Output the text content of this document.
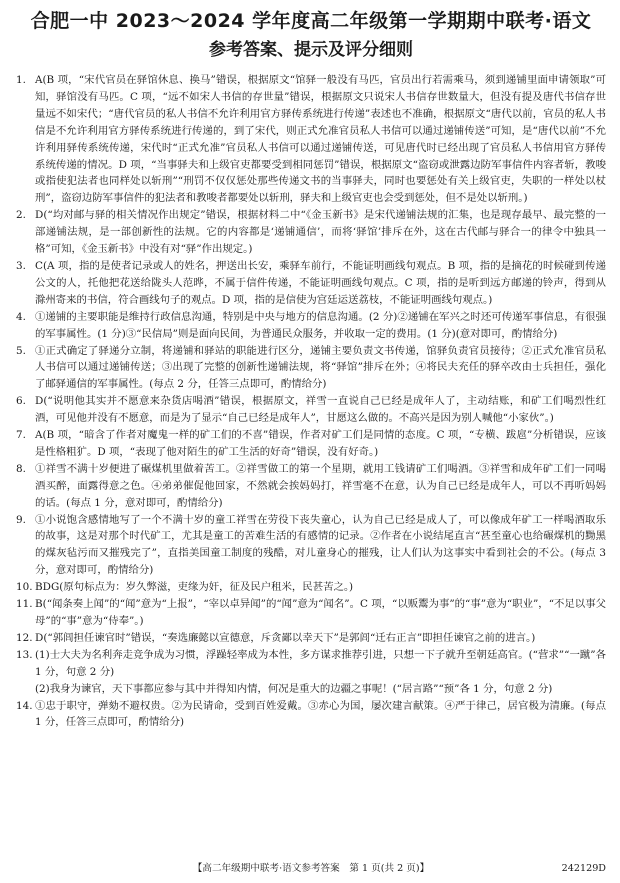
合肥一中 2023～2024 学年度高二年级第一学期期中联考·语文
参考答案、提示及评分细则

1. A(B 项，“宋代官员在驿馆休息、换马”错误，根据原文“馆驿一般没有马匹，官员出行若需乘马，须到递铺里面申请领取”可知，驿馆没有马匹。C 项，“远不如宋人书信的存世量”错误，根据原文只说宋人书信存世数量大，但没有提及唐代书信存世量远不如宋代；“唐代官员的私人书信不允许利用官方驿传系统进行传递”表述也不准确，根据原文“唐代以前，官员的私人书信是不允许利用官方驿传系统进行传递的，到了宋代，则正式允准官员私人书信可以通过递铺传送”可知，是“唐代以前”不允许利用驿传系统传递，宋代时“正式允准”官员私人书信可以通过递铺传送，可见唐代时已经出现了官员私人书信用官方驿传系统传递的情况。D 项，“当事驿夫和上级官吏都要受到相同惩罚”错误，根据原文“盗窃或泄露边防军事信件内容者斩，教唆或指使犯法者也同样处以斩刑”“刑罚不仅仅惩处那些传递文书的当事驿夫，同时也要惩处有关上级官吏，失职的一样处以杖刑”，盗窃边防军事信件的犯法者和教唆者都要处以斩刑，驿夫和上级官吏也会受到惩处，但不是处以斩刑。)

2. D(“均对邮与驿的相关情况作出规定”错误，根据材料二中“《金玉新书》是宋代递铺法规的汇集，也是现存最早、最完整的一部递铺法规，是一部创新性的法规。它的内容都是‘递铺通信’，而将‘驿馆’排斥在外，这在古代邮与驿合一的律令中独具一格”可知，《金玉新书》中没有对“驿”作出规定。)

3. C(A 项，指的是使者记录或人的姓名，押送出长安，乘驿车前行，不能证明画线句观点。B 项，指的是摘花的时候碰到传递公文的人，托他把花送给陇头人范晔，不属于信件传递，不能证明画线句观点。C 项，指的是听到远方邮递的铃声，得到从滁州寄来的书信，符合画线句子的观点。D 项，指的是信使为宫廷运送荔枝，不能证明画线句观点。)

4. ①递铺的主要职能是维持行政信息沟通，特别是中央与地方的信息沟通。(2 分)②递铺在军兴之时还可传递军事信息，有很强的军事属性。(1 分)③“民信局”则是面向民间，为普通民众服务，并收取一定的费用。(1 分)(意对即可，酌情给分)

5. ①正式确定了驿递分立制，将递铺和驿站的职能进行区分，递铺主要负责文书传递，馆驿负责官员接待；②正式允准官员私人书信可以通过递铺传送；③出现了完整的创新性递铺法规，将“驿馆”排斥在外；④将民夫充任的驿卒改由士兵担任，强化了邮驿通信的军事属性。(每点 2 分，任答三点即可，酌情给分)

6. D(“说明他其实并不愿意来杂货店喝酒”错误，根据原文，祥雪一直说自己已经是成年人了，主动结账，和矿工们喝烈性红酒，可见他并没有不愿意，而是为了显示“自己已经是成年人”，甘愿这么做的。不高兴是因为别人喊他“小家伙”。)

7. A(B 项，“暗含了作者对魔鬼一样的矿工们的不喜”错误，作者对矿工们是同情的态度。C 项，“专横、跋扈”分析错误，应该是性格粗犷。D 项，“表现了他对陌生的矿工生活的好奇”错误，没有好奇。)

8. ①祥雪不满十岁便进了碾煤机里做着苦工。②祥雪做工的第一个星期，就用工钱请矿工们喝酒。③祥雪和成年矿工们一同喝酒买醉，面露得意之色。④弟弟催促他回家，不然就会挨妈妈打，祥雪毫不在意，认为自己已经是成年人，可以不再听妈妈的话。(每点 1 分，意对即可，酌情给分)

9. ①小说饱含感情地写了一个不满十岁的童工祥雪在劳役下丧失童心，认为自己已经是成人了，可以像成年矿工一样喝酒取乐的故事，这是对那个时代矿工，尤其是童工的苦难生活的有感情的记录。②作者在小说结尾直言“甚至童心也给碾煤机的黝黑的煤灰毡污而又摧残完了”，直指美国童工制度的残酷，对儿童身心的摧残，让人们认为这事实中看到社会的不公。(每点 3 分，意对即可，酌情给分)

10. BDG(原句标点为：岁久弊滋，吏缘为奸，征及民户租米，民甚苦之。)

11. B(“闻条奏上闻”的“闻”意为“上报”，“宰以卓异闻”的“闻”意为“闻名”。C 项，“以贩鬻为事”的“事”意为“职业”，“不足以事父母”的“事”意为“侍奉”。)

12. D(“郭闾担任谏官时”错误，“奏选廉懿以宣德意，斥贪鄙以幸天下”是郭闾“迁右正言”即担任谏官之前的进言。)

13. (1)士大夫为名利奔走竞争成为习惯，浮躁轻率成为本性，多方谋求推荐引进，只想一下子就升至朝廷高官。(“营求”“一蹴”各 1 分，句意 2 分)
(2)我身为谏官，天下事都应参与其中并得知内情，何况是重大的边疆之事呢！(“居言路”“预”各 1 分，句意 2 分)

14. ①忠于职守，弹劾不避权贵。②为民请命，受到百姓爱戴。③赤心为国，屡次建言献策。④严于律己，居官极为清廉。(每点 1 分，任答三点即可，酌情给分)

【高二年级期中联考·语文参考答案　第 1 页(共 2 页)】	242129D
